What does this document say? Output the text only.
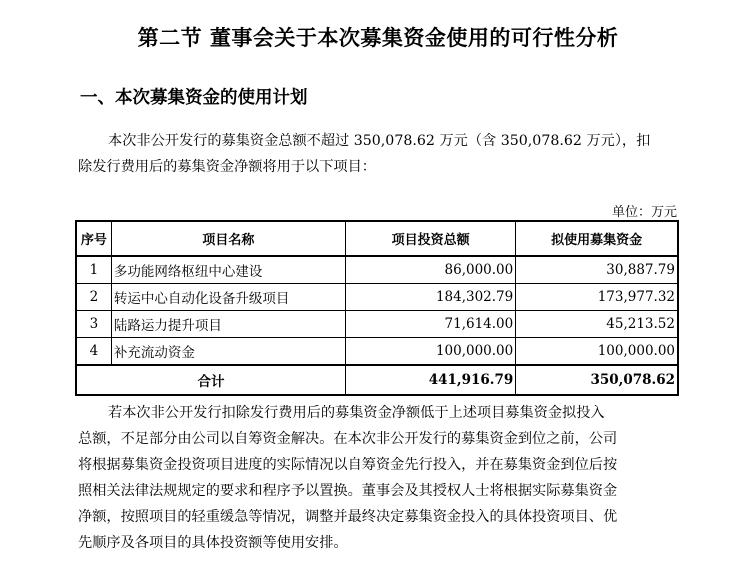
第二节 董事会关于本次募集资金使用的可行性分析
一、本次募集资金的使用计划
本次非公开发行的募集资金总额不超过 350,078.62 万元（含 350,078.62 万元），扣
除发行费用后的募集资金净额将用于以下项目：
单位：万元
序号	项目名称	项目投资总额	拟使用募集资金
1	多功能网络枢纽中心建设	86,000.00	30,887.79
2	转运中心自动化设备升级项目	184,302.79	173,977.32
3	陆路运力提升项目	71,614.00	45,213.52
4	补充流动资金	100,000.00	100,000.00
合计		441,916.79	350,078.62
若本次非公开发行扣除发行费用后的募集资金净额低于上述项目募集资金拟投入
总额，不足部分由公司以自筹资金解决。在本次非公开发行的募集资金到位之前，公司
将根据募集资金投资项目进度的实际情况以自筹资金先行投入，并在募集资金到位后按
照相关法律法规规定的要求和程序予以置换。董事会及其授权人士将根据实际募集资金
净额，按照项目的轻重缓急等情况，调整并最终决定募集资金投入的具体投资项目、优
先顺序及各项目的具体投资额等使用安排。
